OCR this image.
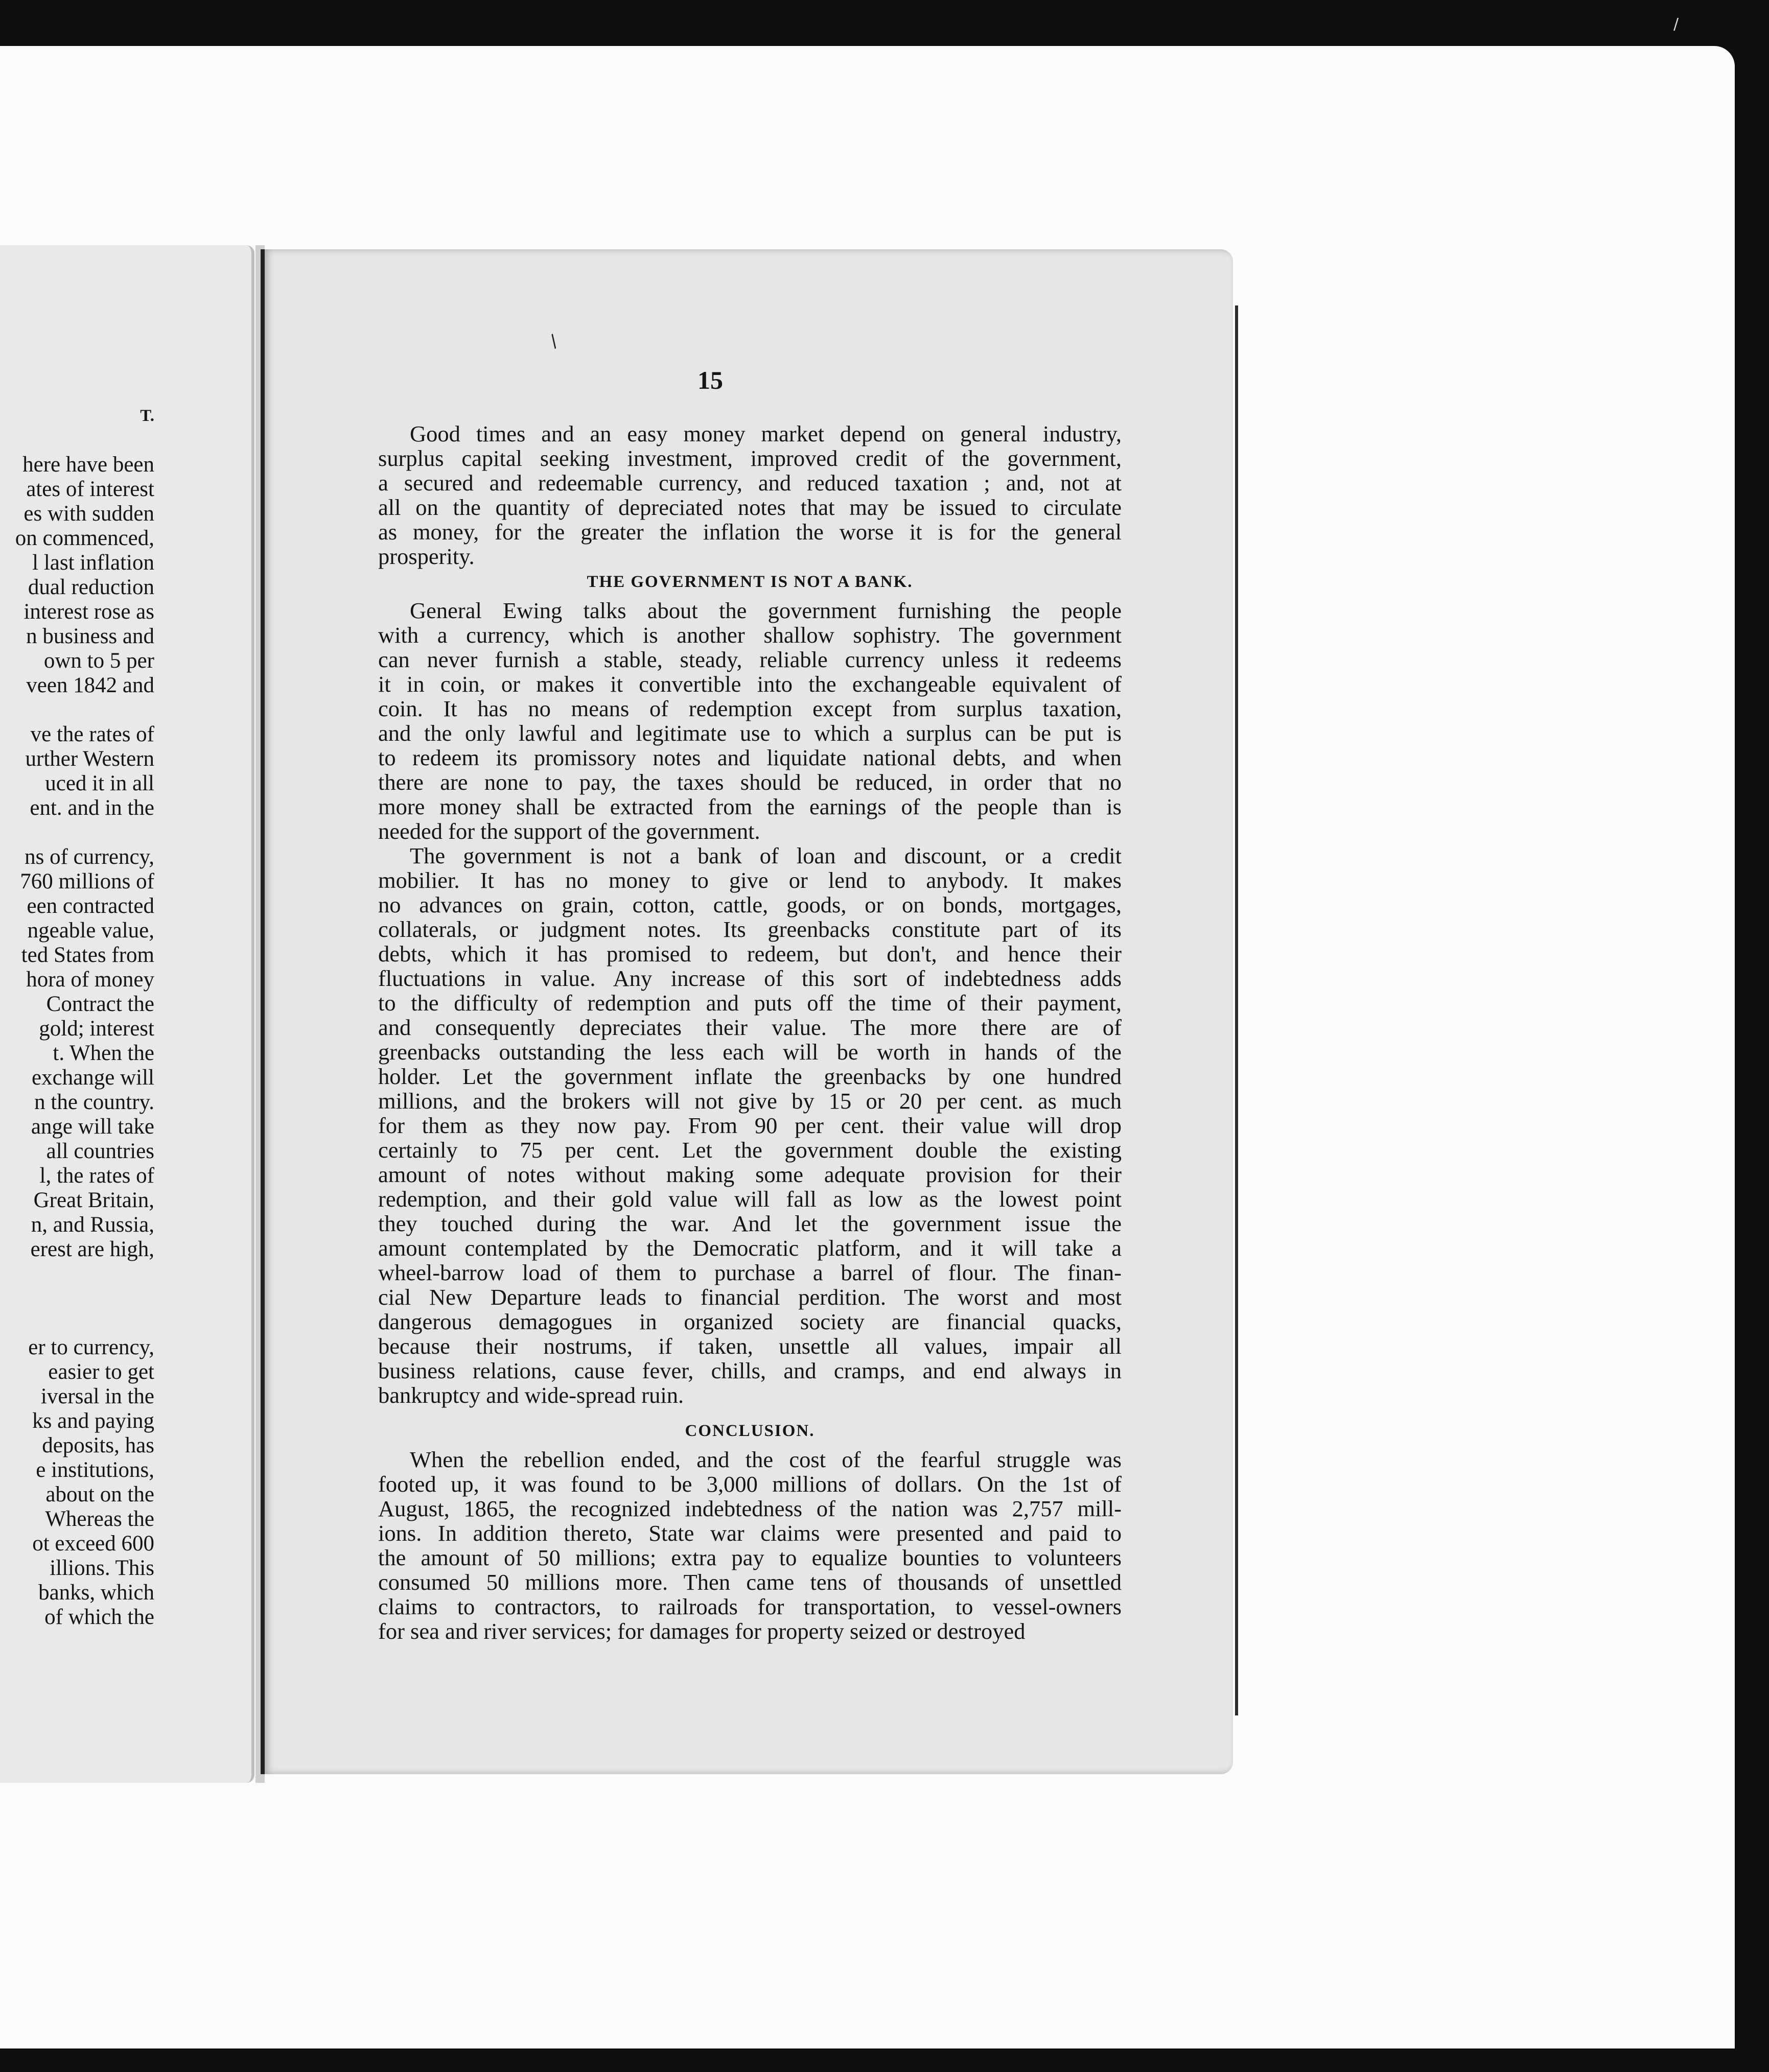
T.
here have been
ates of interest
es with sudden
on commenced,
l last inflation
dual reduction
interest rose as
n business and
own to 5 per
veen 1842 and
ve the rates of
urther Western
uced it in all
ent. and in the
ns of currency,
760 millions of
een contracted
ngeable value,
ted States from
hora of money
Contract the
gold; interest
t. When the
exchange will
n the country.
ange will take
all countries
l, the rates of
Great Britain,
n, and Russia,
erest are high,
er to currency,
easier to get
iversal in the
ks and paying
deposits, has
e institutions,
about on the
Whereas the
ot exceed 600
illions. This
banks, which
of which the
15
Good times and an easy money market depend on general industry,
surplus capital seeking investment, improved credit of the government,
a secured and redeemable currency, and reduced taxation ; and, not at
all on the quantity of depreciated notes that may be issued to circulate
as money, for the greater the inflation the worse it is for the general
prosperity.
THE GOVERNMENT IS NOT A BANK.
General Ewing talks about the government furnishing the people
with a currency, which is another shallow sophistry. The government
can never furnish a stable, steady, reliable currency unless it redeems
it in coin, or makes it convertible into the exchangeable equivalent of
coin. It has no means of redemption except from surplus taxation,
and the only lawful and legitimate use to which a surplus can be put is
to redeem its promissory notes and liquidate national debts, and when
there are none to pay, the taxes should be reduced, in order that no
more money shall be extracted from the earnings of the people than is
needed for the support of the government.
The government is not a bank of loan and discount, or a credit
mobilier. It has no money to give or lend to anybody. It makes
no advances on grain, cotton, cattle, goods, or on bonds, mortgages,
collaterals, or judgment notes. Its greenbacks constitute part of its
debts, which it has promised to redeem, but don't, and hence their
fluctuations in value. Any increase of this sort of indebtedness adds
to the difficulty of redemption and puts off the time of their payment,
and consequently depreciates their value. The more there are of
greenbacks outstanding the less each will be worth in hands of the
holder. Let the government inflate the greenbacks by one hundred
millions, and the brokers will not give by 15 or 20 per cent. as much
for them as they now pay. From 90 per cent. their value will drop
certainly to 75 per cent. Let the government double the existing
amount of notes without making some adequate provision for their
redemption, and their gold value will fall as low as the lowest point
they touched during the war. And let the government issue the
amount contemplated by the Democratic platform, and it will take a
wheel-barrow load of them to purchase a barrel of flour. The finan-
cial New Departure leads to financial perdition. The worst and most
dangerous demagogues in organized society are financial quacks,
because their nostrums, if taken, unsettle all values, impair all
business relations, cause fever, chills, and cramps, and end always in
bankruptcy and wide-spread ruin.
CONCLUSION.
When the rebellion ended, and the cost of the fearful struggle was
footed up, it was found to be 3,000 millions of dollars. On the 1st of
August, 1865, the recognized indebtedness of the nation was 2,757 mill-
ions. In addition thereto, State war claims were presented and paid to
the amount of 50 millions; extra pay to equalize bounties to volunteers
consumed 50 millions more. Then came tens of thousands of unsettled
claims to contractors, to railroads for transportation, to vessel-owners
for sea and river services; for damages for property seized or destroyed
/
/
